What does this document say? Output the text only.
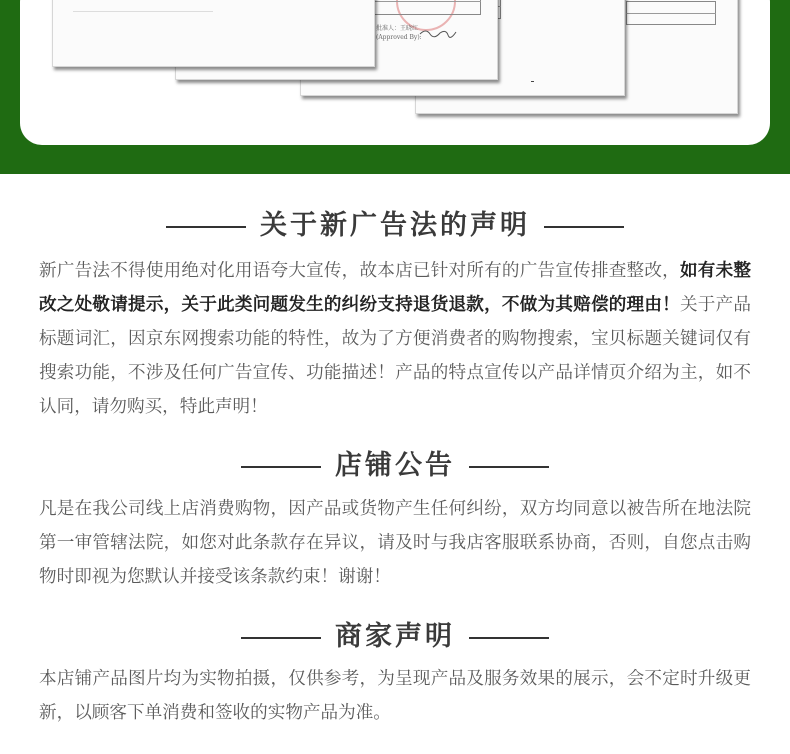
批准人：王晓红
(Approved By):
关于新广告法的声明
新广告法不得使用绝对化用语夸大宣传，故本店已针对所有的广告宣传排查整改，如有未整改之处敬请提示，关于此类问题发生的纠纷支持退货退款，不做为其赔偿的理由！关于产品标题词汇，因京东网搜索功能的特性，故为了方便消费者的购物搜索，宝贝标题关键词仅有搜索功能，不涉及任何广告宣传、功能描述！产品的特点宣传以产品详情页介绍为主，如不认同，请勿购买，特此声明！
店铺公告
凡是在我公司线上店消费购物，因产品或货物产生任何纠纷，双方均同意以被告所在地法院第一审管辖法院，如您对此条款存在异议，请及时与我店客服联系协商，否则，自您点击购物时即视为您默认并接受该条款约束！谢谢！
商家声明
本店铺产品图片均为实物拍摄，仅供参考，为呈现产品及服务效果的展示，会不定时升级更新，以顾客下单消费和签收的实物产品为准。
